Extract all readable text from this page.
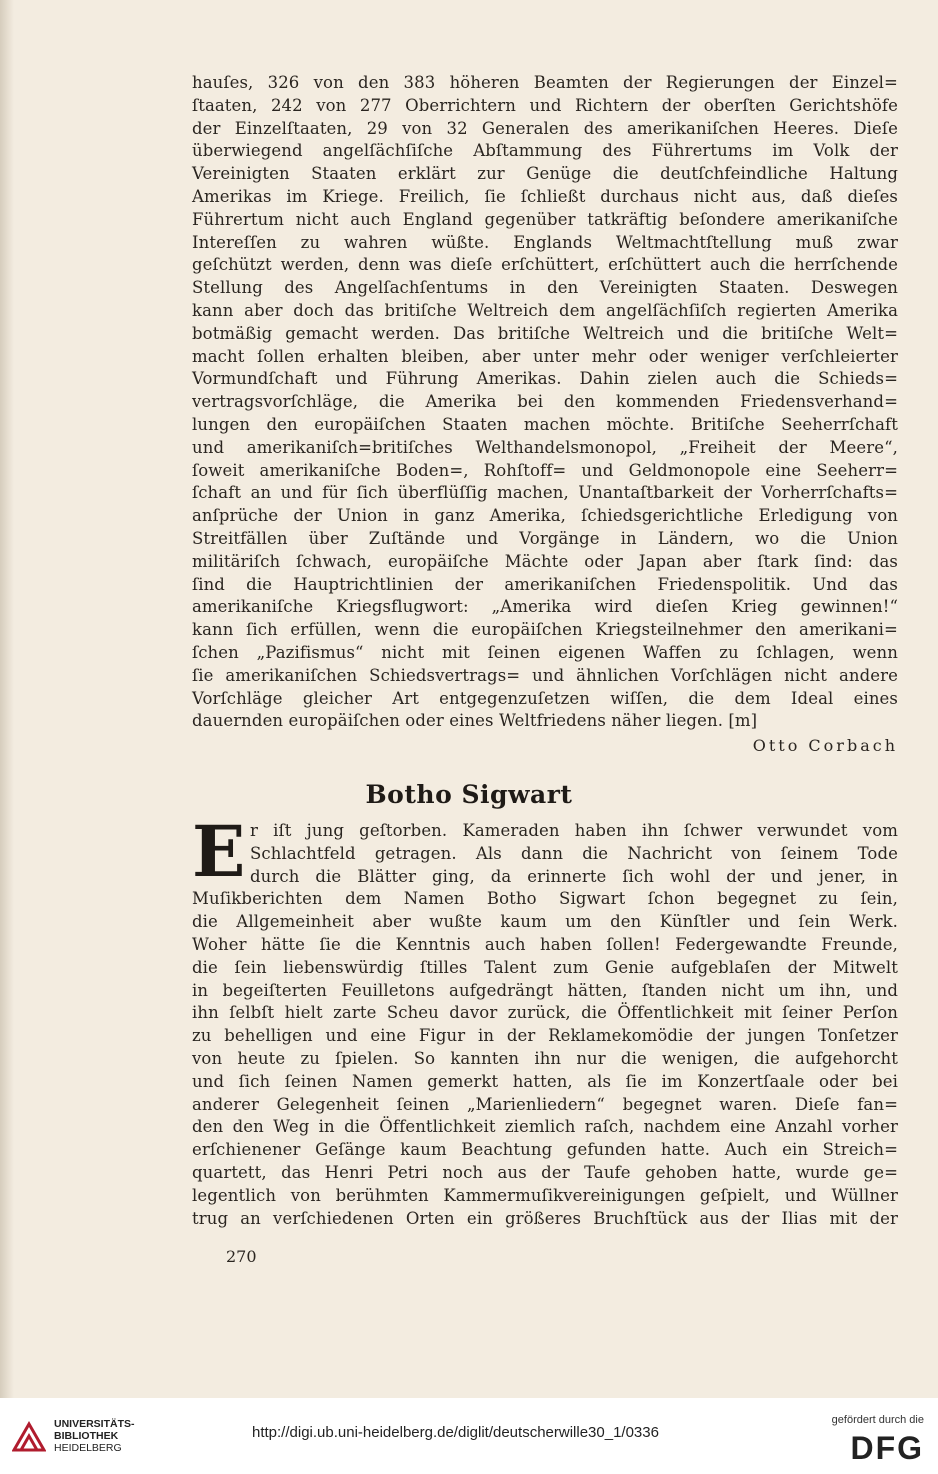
hauſes, 326 von den 383 höheren Beamten der Regierungen der Einzel=
ſtaaten, 242 von 277 Oberrichtern und Richtern der oberſten Gerichtshöfe
der Einzelſtaaten, 29 von 32 Generalen des amerikaniſchen Heeres. Dieſe
überwiegend angelſächſiſche Abſtammung des Führertums im Volk der
Vereinigten Staaten erklärt zur Genüge die deutſchfeindliche Haltung
Amerikas im Kriege. Freilich, ſie ſchließt durchaus nicht aus, daß dieſes
Führertum nicht auch England gegenüber tatkräftig beſondere amerikaniſche
Intereſſen zu wahren wüßte. Englands Weltmachtſtellung muß zwar
geſchützt werden, denn was dieſe erſchüttert, erſchüttert auch die herrſchende
Stellung des Angelſachſentums in den Vereinigten Staaten. Deswegen
kann aber doch das britiſche Weltreich dem angelſächſiſch regierten Amerika
botmäßig gemacht werden. Das britiſche Weltreich und die britiſche Welt=
macht ſollen erhalten bleiben, aber unter mehr oder weniger verſchleierter
Vormundſchaft und Führung Amerikas. Dahin zielen auch die Schieds=
vertragsvorſchläge, die Amerika bei den kommenden Friedensverhand=
lungen den europäiſchen Staaten machen möchte. Britiſche Seeherrſchaft
und amerikaniſch=britiſches Welthandelsmonopol, „Freiheit der Meere“,
ſoweit amerikaniſche Boden=, Rohſtoff= und Geldmonopole eine Seeherr=
ſchaft an und für ſich überflüſſig machen, Unantaſtbarkeit der Vorherrſchafts=
anſprüche der Union in ganz Amerika, ſchiedsgerichtliche Erledigung von
Streitfällen über Zuſtände und Vorgänge in Ländern, wo die Union
militäriſch ſchwach, europäiſche Mächte oder Japan aber ſtark ſind: das
ſind die Hauptrichtlinien der amerikaniſchen Friedenspolitik. Und das
amerikaniſche Kriegsflugwort: „Amerika wird dieſen Krieg gewinnen!“
kann ſich erfüllen, wenn die europäiſchen Kriegsteilnehmer den amerikani=
ſchen „Pazifismus“ nicht mit ſeinen eigenen Waffen zu ſchlagen, wenn
ſie amerikaniſchen Schiedsvertrags= und ähnlichen Vorſchlägen nicht andere
Vorſchläge gleicher Art entgegenzuſetzen wiſſen, die dem Ideal eines
dauernden europäiſchen oder eines Weltfriedens näher liegen. [m]
Otto Corbach
Botho Sigwart
E r iſt jung geſtorben. Kameraden haben ihn ſchwer verwundet vom
Schlachtfeld getragen. Als dann die Nachricht von ſeinem Tode
durch die Blätter ging, da erinnerte ſich wohl der und jener, in
Muſikberichten dem Namen Botho Sigwart ſchon begegnet zu ſein,
die Allgemeinheit aber wußte kaum um den Künſtler und ſein Werk.
Woher hätte ſie die Kenntnis auch haben ſollen! Federgewandte Freunde,
die ſein liebenswürdig ſtilles Talent zum Genie aufgeblaſen der Mitwelt
in begeiſterten Feuilletons aufgedrängt hätten, ſtanden nicht um ihn, und
ihn ſelbſt hielt zarte Scheu davor zurück, die Öffentlichkeit mit ſeiner Perſon
zu behelligen und eine Figur in der Reklamekomödie der jungen Tonſetzer
von heute zu ſpielen. So kannten ihn nur die wenigen, die aufgehorcht
und ſich ſeinen Namen gemerkt hatten, als ſie im Konzertſaale oder bei
anderer Gelegenheit ſeinen „Marienliedern“ begegnet waren. Dieſe fan=
den den Weg in die Öffentlichkeit ziemlich raſch, nachdem eine Anzahl vorher
erſchienener Geſänge kaum Beachtung gefunden hatte. Auch ein Streich=
quartett, das Henri Petri noch aus der Taufe gehoben hatte, wurde ge=
legentlich von berühmten Kammermuſikvereinigungen geſpielt, und Wüllner
trug an verſchiedenen Orten ein größeres Bruchſtück aus der Ilias mit der
270
UNIVERSITÄTS-
BIBLIOTHEK
HEIDELBERG
http://digi.ub.uni-heidelberg.de/diglit/deutscherwille30_1/0336
gefördert durch die
DFG
